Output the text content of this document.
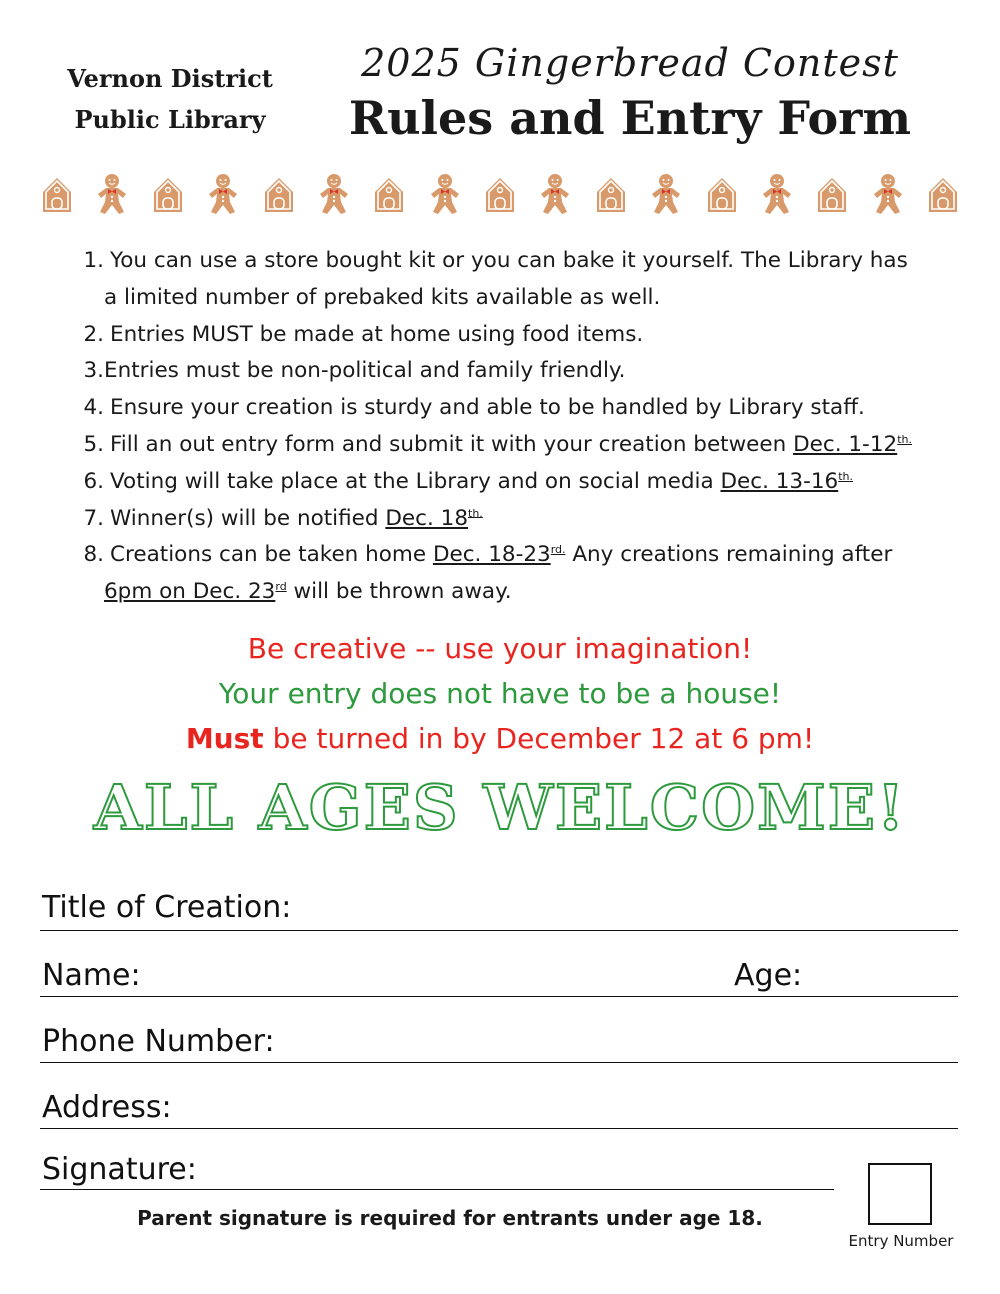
Vernon District
Public Library
2025 Gingerbread Contest
Rules and Entry Form
1. You can use a store bought kit or you can bake it yourself. The Library has
a limited number of prebaked kits available as well.
2. Entries MUST be made at home using food items.
3. Entries must be non-political and family friendly.
4. Ensure your creation is sturdy and able to be handled by Library staff.
5. Fill an out entry form and submit it with your creation between Dec. $1-12^{th.}$
6. Voting will take place at the Library and on social media Dec. $13-16^{th.}$
7. Winner(s) will be notified Dec. $18^{th.}$
8. Creations can be taken home Dec. $18-23^{rd.}$ Any creations remaining after
6pm on Dec. 23rd will be thrown away.
Be creative -- use your imagination!
Your entry does not have to be a house!
Must be turned in by December 12 at 6 pm!
ALL AGES WELCOME!
Title of Creation:
Name:	Age:
Phone Number:
Address:
Signature:
Parent signature is required for entrants under age 18.
Entry Number
